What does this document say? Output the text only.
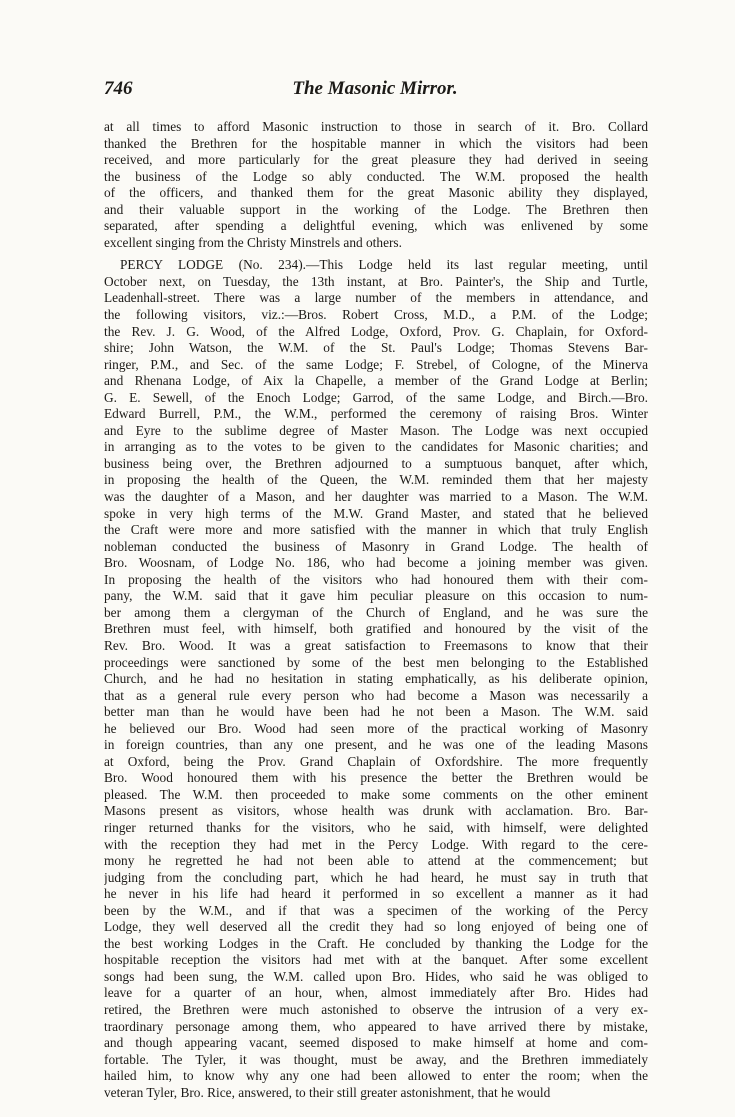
746	The Masonic Mirror.
at all times to afford Masonic instruction to those in search of it. Bro. Collard
thanked the Brethren for the hospitable manner in which the visitors had been
received, and more particularly for the great pleasure they had derived in seeing
the business of the Lodge so ably conducted. The W.M. proposed the health
of the officers, and thanked them for the great Masonic ability they displayed,
and their valuable support in the working of the Lodge. The Brethren then
separated, after spending a delightful evening, which was enlivened by some
excellent singing from the Christy Minstrels and others.
PERCY LODGE (No. 234).—This Lodge held its last regular meeting, until
October next, on Tuesday, the 13th instant, at Bro. Painter's, the Ship and Turtle,
Leadenhall-street. There was a large number of the members in attendance, and
the following visitors, viz.:—Bros. Robert Cross, M.D., a P.M. of the Lodge;
the Rev. J. G. Wood, of the Alfred Lodge, Oxford, Prov. G. Chaplain, for Oxford-
shire; John Watson, the W.M. of the St. Paul's Lodge; Thomas Stevens Bar-
ringer, P.M., and Sec. of the same Lodge; F. Strebel, of Cologne, of the Minerva
and Rhenana Lodge, of Aix la Chapelle, a member of the Grand Lodge at Berlin;
G. E. Sewell, of the Enoch Lodge; Garrod, of the same Lodge, and Birch.—Bro.
Edward Burrell, P.M., the W.M., performed the ceremony of raising Bros. Winter
and Eyre to the sublime degree of Master Mason. The Lodge was next occupied
in arranging as to the votes to be given to the candidates for Masonic charities; and
business being over, the Brethren adjourned to a sumptuous banquet, after which,
in proposing the health of the Queen, the W.M. reminded them that her majesty
was the daughter of a Mason, and her daughter was married to a Mason. The W.M.
spoke in very high terms of the M.W. Grand Master, and stated that he believed
the Craft were more and more satisfied with the manner in which that truly English
nobleman conducted the business of Masonry in Grand Lodge. The health of
Bro. Woosnam, of Lodge No. 186, who had become a joining member was given.
In proposing the health of the visitors who had honoured them with their com-
pany, the W.M. said that it gave him peculiar pleasure on this occasion to num-
ber among them a clergyman of the Church of England, and he was sure the
Brethren must feel, with himself, both gratified and honoured by the visit of the
Rev. Bro. Wood. It was a great satisfaction to Freemasons to know that their
proceedings were sanctioned by some of the best men belonging to the Established
Church, and he had no hesitation in stating emphatically, as his deliberate opinion,
that as a general rule every person who had become a Mason was necessarily a
better man than he would have been had he not been a Mason. The W.M. said
he believed our Bro. Wood had seen more of the practical working of Masonry
in foreign countries, than any one present, and he was one of the leading Masons
at Oxford, being the Prov. Grand Chaplain of Oxfordshire. The more frequently
Bro. Wood honoured them with his presence the better the Brethren would be
pleased. The W.M. then proceeded to make some comments on the other eminent
Masons present as visitors, whose health was drunk with acclamation. Bro. Bar-
ringer returned thanks for the visitors, who he said, with himself, were delighted
with the reception they had met in the Percy Lodge. With regard to the cere-
mony he regretted he had not been able to attend at the commencement; but
judging from the concluding part, which he had heard, he must say in truth that
he never in his life had heard it performed in so excellent a manner as it had
been by the W.M., and if that was a specimen of the working of the Percy
Lodge, they well deserved all the credit they had so long enjoyed of being one of
the best working Lodges in the Craft. He concluded by thanking the Lodge for the
hospitable reception the visitors had met with at the banquet. After some excellent
songs had been sung, the W.M. called upon Bro. Hides, who said he was obliged to
leave for a quarter of an hour, when, almost immediately after Bro. Hides had
retired, the Brethren were much astonished to observe the intrusion of a very ex-
traordinary personage among them, who appeared to have arrived there by mistake,
and though appearing vacant, seemed disposed to make himself at home and com-
fortable. The Tyler, it was thought, must be away, and the Brethren immediately
hailed him, to know why any one had been allowed to enter the room; when the
veteran Tyler, Bro. Rice, answered, to their still greater astonishment, that he would
